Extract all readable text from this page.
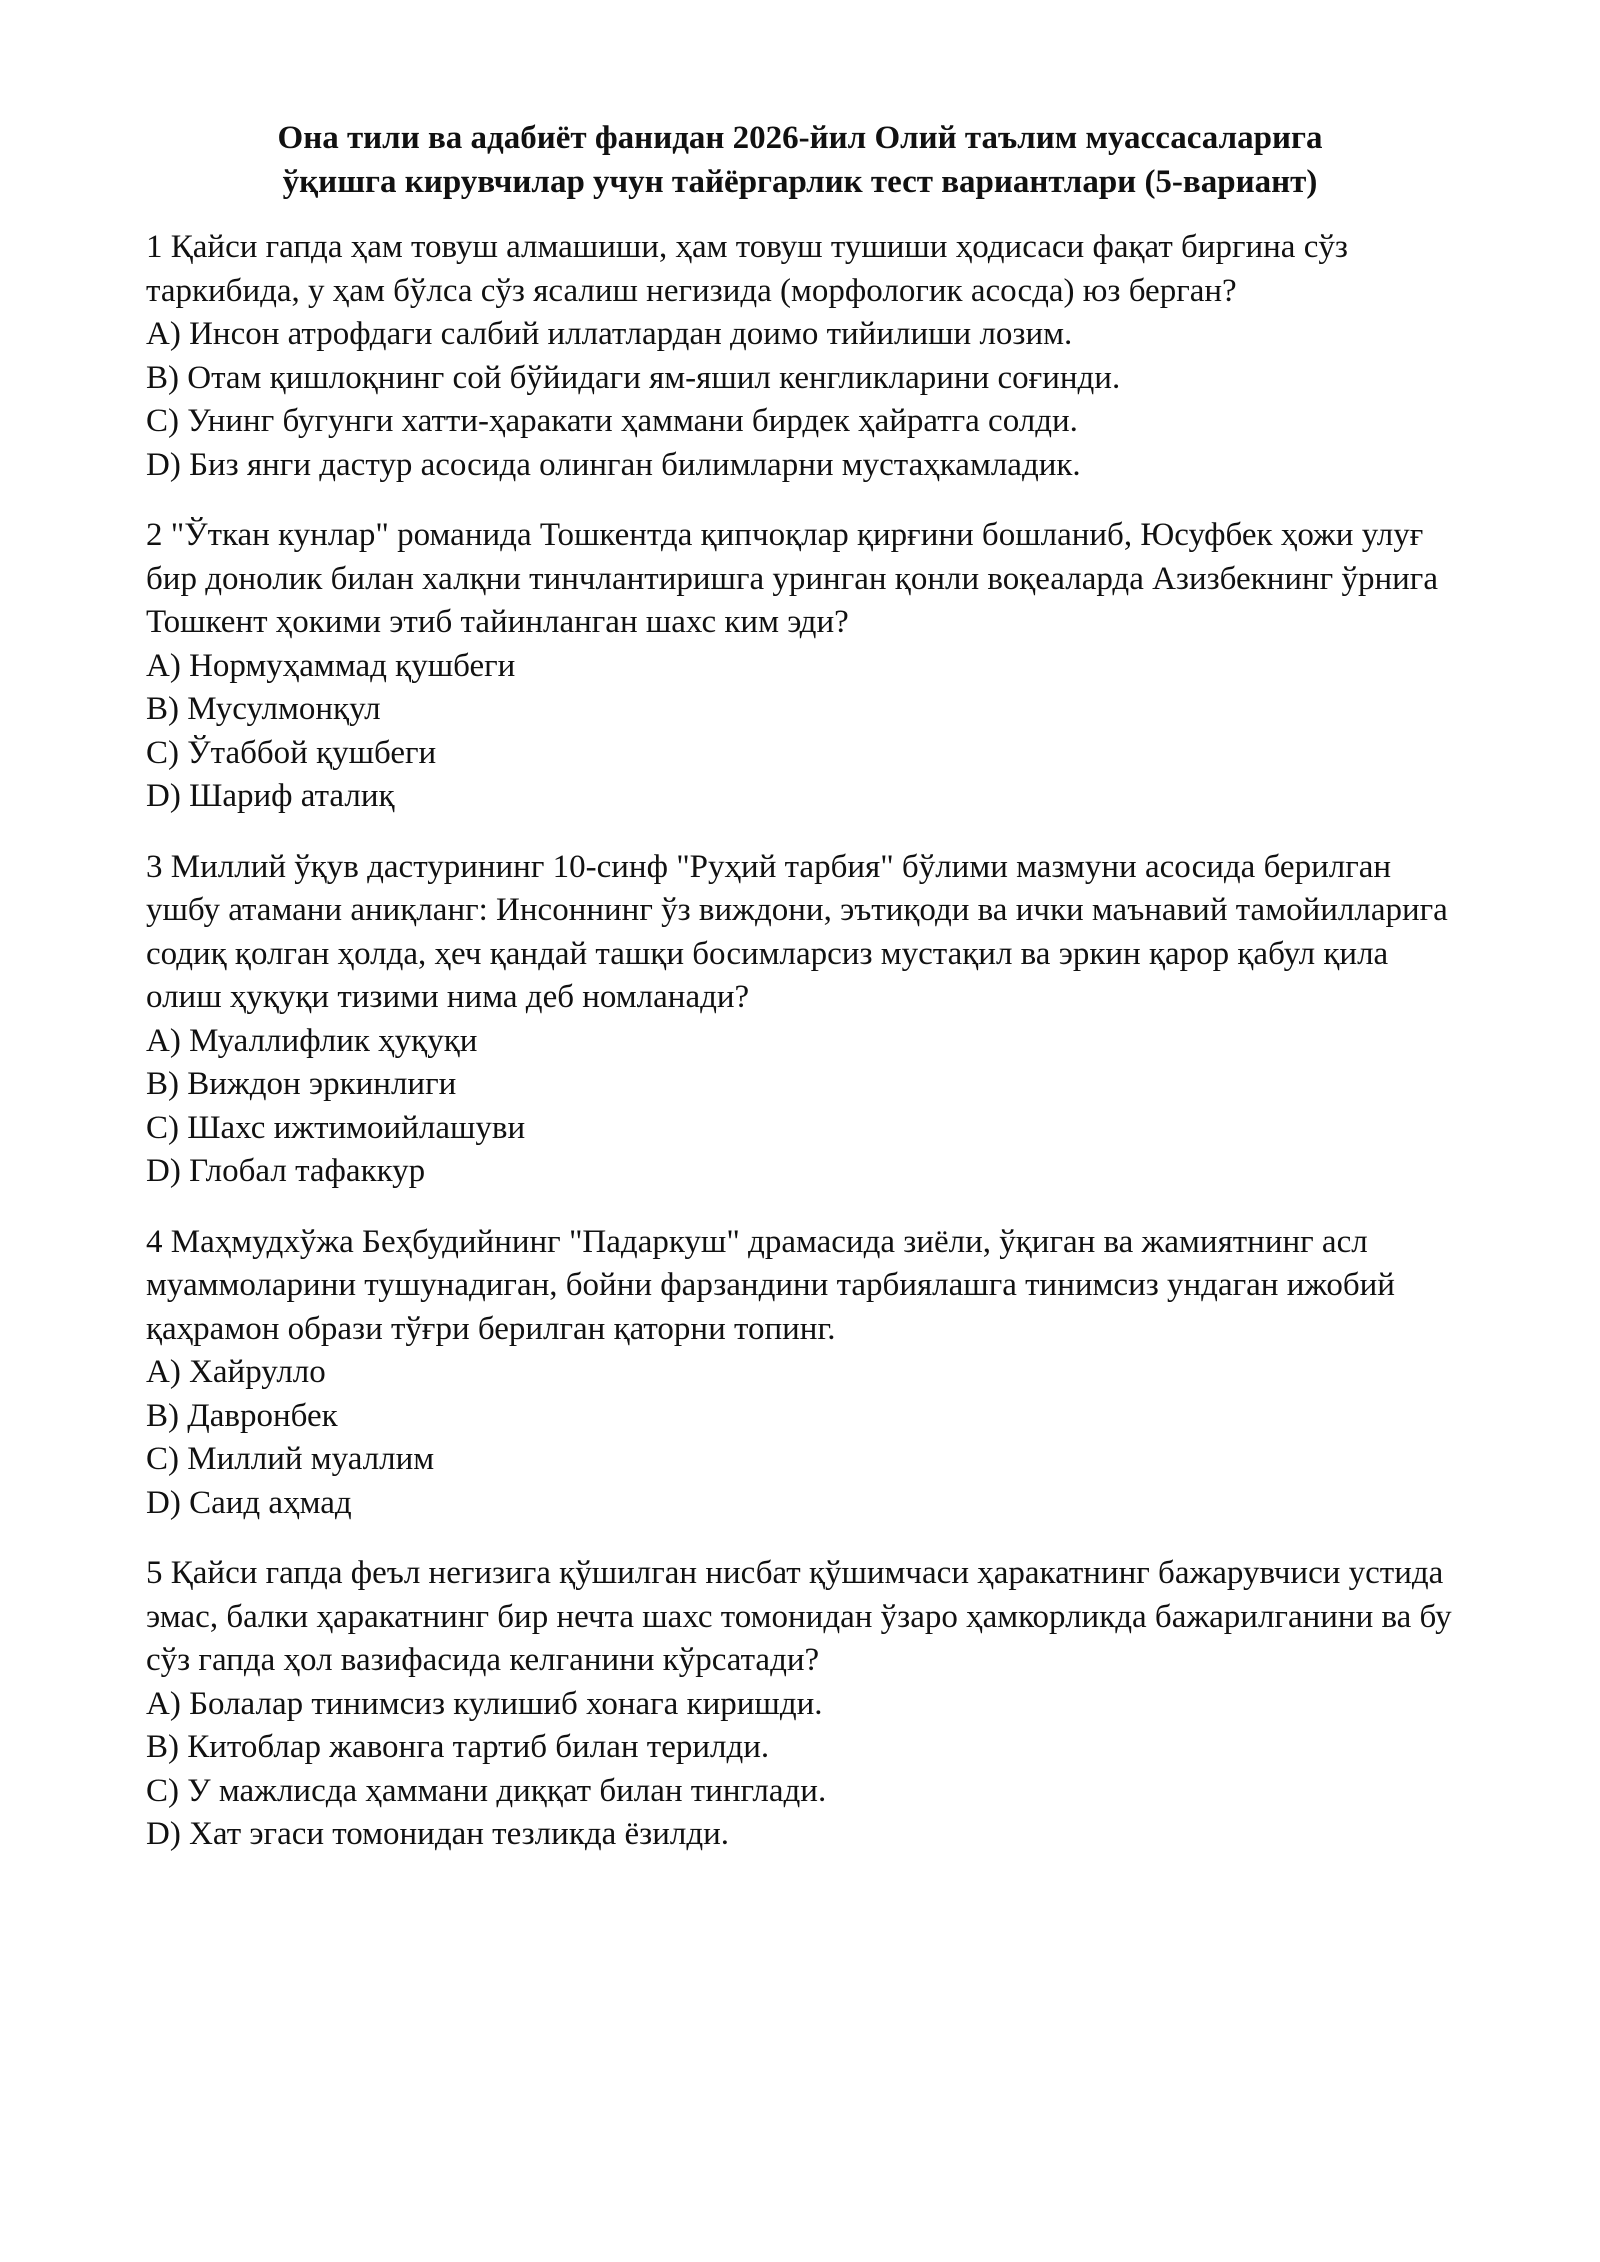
Она тили ва адабиёт фанидан 2026-йил Олий таълим муассасаларига
ўқишга кирувчилар учун тайёргарлик тест вариантлари (5-вариант)

1 Қайси гапда ҳам товуш алмашиши, ҳам товуш тушиши ҳодисаси фақат биргина сўз таркибида, у ҳам бўлса сўз ясалиш негизида (морфологик асосда) юз берган?

A) Инсон атрофдаги салбий иллатлардан доимо тийилиши лозим.
B) Отам қишлоқнинг сой бўйидаги ям-яшил кенгликларини соғинди.
C) Унинг бугунги хатти-ҳаракати ҳаммани бирдек ҳайратга солди.
D) Биз янги дастур асосида олинган билимларни мустаҳкамладик.

2 "Ўткан кунлар" романида Тошкентда қипчоқлар қирғини бошланиб, Юсуфбек ҳожи улуғ бир донолик билан халқни тинчлантиришга уринган қонли воқеаларда Азизбекнинг ўрнига Тошкент ҳокими этиб тайинланган шахс ким эди?

A) Нормуҳаммад қушбеги
B) Мусулмонқул
C) Ўтаббой қушбеги
D) Шариф аталиқ

3 Миллий ўқув дастурининг 10-синф "Руҳий тарбия" бўлими мазмуни асосида берилган ушбу атамани аниқланг: Инсоннинг ўз виждони, эътиқоди ва ички маънавий тамойилларига содиқ қолган ҳолда, ҳеч қандай ташқи босимларсиз мустақил ва эркин қарор қабул қила олиш ҳуқуқи тизими нима деб номланади?

A) Муаллифлик ҳуқуқи
B) Виждон эркинлиги
C) Шахс ижтимоийлашуви
D) Глобал тафаккур

4 Маҳмудхўжа Беҳбудийнинг "Падаркуш" драмасида зиёли, ўқиган ва жамиятнинг асл муаммоларини тушунадиган, бойни фарзандини тарбиялашга тинимсиз ундаган ижобий қаҳрамон образи тўғри берилган қаторни топинг.

A) Хайрулло
B) Давронбек
C) Миллий муаллим
D) Саид аҳмад

5 Қайси гапда феъл негизига қўшилган нисбат қўшимчаси ҳаракатнинг бажарувчиси устида эмас, балки ҳаракатнинг бир нечта шахс томонидан ўзаро ҳамкорликда бажарилганини ва бу сўз гапда ҳол вазифасида келганини кўрсатади?

A) Болалар тинимсиз кулишиб хонага киришди.
B) Китоблар жавонга тартиб билан терилди.
C) У мажлисда ҳаммани диққат билан тинглади.
D) Хат эгаси томонидан тезликда ёзилди.
